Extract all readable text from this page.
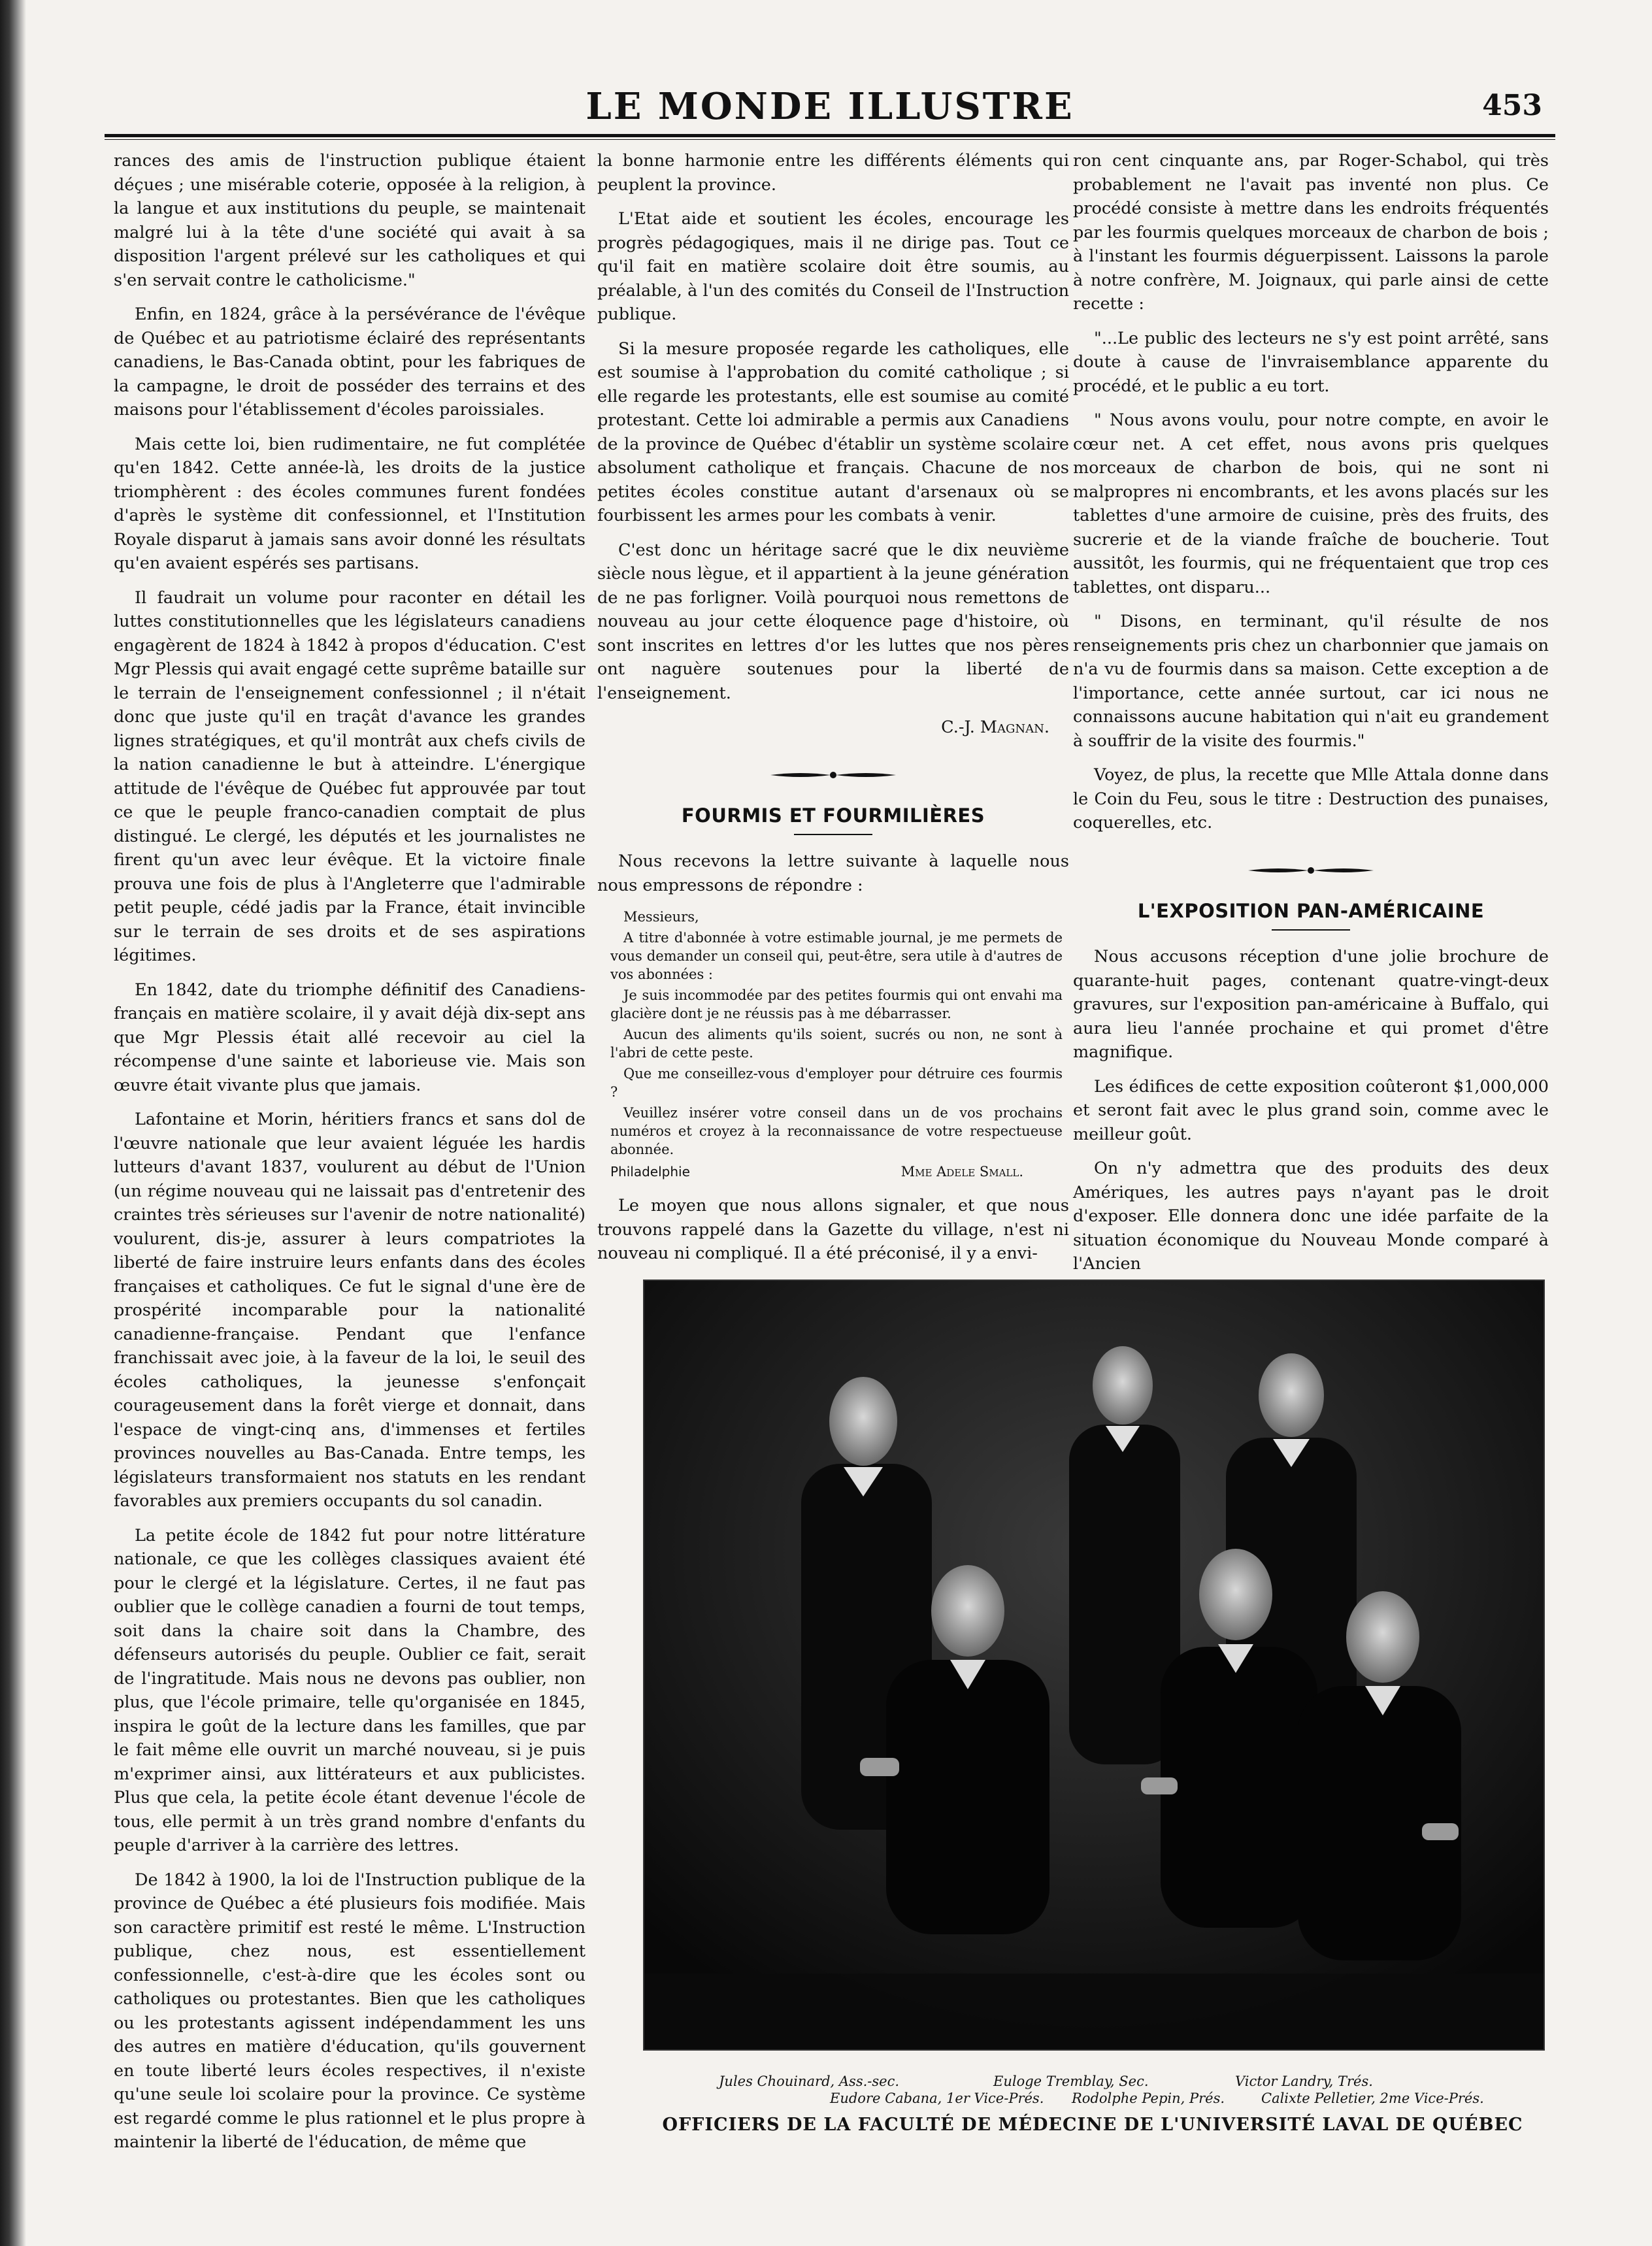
LE MONDE ILLUSTRE	453

rances des amis de l'instruction publique étaient déçues ; une misérable coterie, opposée à la religion, à la langue et aux institutions du peuple, se maintenait malgré lui à la tête d'une société qui avait à sa disposition l'argent prélevé sur les catholiques et qui s'en servait contre le catholicisme."

Enfin, en 1824, grâce à la persévérance de l'évêque de Québec et au patriotisme éclairé des représentants canadiens, le Bas-Canada obtint, pour les fabriques de la campagne, le droit de posséder des terrains et des maisons pour l'établissement d'écoles paroissiales.

Mais cette loi, bien rudimentaire, ne fut complétée qu'en 1842. Cette année-là, les droits de la justice triomphèrent : des écoles communes furent fondées d'après le système dit confessionnel, et l'Institution Royale disparut à jamais sans avoir donné les résultats qu'en avaient espérés ses partisans.

Il faudrait un volume pour raconter en détail les luttes constitutionnelles que les législateurs canadiens engagèrent de 1824 à 1842 à propos d'éducation. C'est Mgr Plessis qui avait engagé cette suprême bataille sur le terrain de l'enseignement confessionnel ; il n'était donc que juste qu'il en traçât d'avance les grandes lignes stratégiques, et qu'il montrât aux chefs civils de la nation canadienne le but à atteindre. L'énergique attitude de l'évêque de Québec fut approuvée par tout ce que le peuple franco-canadien comptait de plus distingué. Le clergé, les députés et les journalistes ne firent qu'un avec leur évêque. Et la victoire finale prouva une fois de plus à l'Angleterre que l'admirable petit peuple, cédé jadis par la France, était invincible sur le terrain de ses droits et de ses aspirations légitimes.

En 1842, date du triomphe définitif des Canadiens-français en matière scolaire, il y avait déjà dix-sept ans que Mgr Plessis était allé recevoir au ciel la récompense d'une sainte et laborieuse vie. Mais son œuvre était vivante plus que jamais.

Lafontaine et Morin, héritiers francs et sans dol de l'œuvre nationale que leur avaient léguée les hardis lutteurs d'avant 1837, voulurent au début de l'Union (un régime nouveau qui ne laissait pas d'entretenir des craintes très sérieuses sur l'avenir de notre nationalité) voulurent, dis-je, assurer à leurs compatriotes la liberté de faire instruire leurs enfants dans des écoles françaises et catholiques. Ce fut le signal d'une ère de prospérité incomparable pour la nationalité canadienne-française. Pendant que l'enfance franchissait avec joie, à la faveur de la loi, le seuil des écoles catholiques, la jeunesse s'enfonçait courageusement dans la forêt vierge et donnait, dans l'espace de vingt-cinq ans, d'immenses et fertiles provinces nouvelles au Bas-Canada. Entre temps, les législateurs transformaient nos statuts en les rendant favorables aux premiers occupants du sol canadin.

La petite école de 1842 fut pour notre littérature nationale, ce que les collèges classiques avaient été pour le clergé et la législature. Certes, il ne faut pas oublier que le collège canadien a fourni de tout temps, soit dans la chaire soit dans la Chambre, des défenseurs autorisés du peuple. Oublier ce fait, serait de l'ingratitude. Mais nous ne devons pas oublier, non plus, que l'école primaire, telle qu'organisée en 1845, inspira le goût de la lecture dans les familles, que par le fait même elle ouvrit un marché nouveau, si je puis m'exprimer ainsi, aux littérateurs et aux publicistes. Plus que cela, la petite école étant devenue l'école de tous, elle permit à un très grand nombre d'enfants du peuple d'arriver à la carrière des lettres.

De 1842 à 1900, la loi de l'Instruction publique de la province de Québec a été plusieurs fois modifiée. Mais son caractère primitif est resté le même. L'Instruction publique, chez nous, est essentiellement confessionnelle, c'est-à-dire que les écoles sont ou catholiques ou protestantes. Bien que les catholiques ou les protestants agissent indépendamment les uns des autres en matière d'éducation, qu'ils gouvernent en toute liberté leurs écoles respectives, il n'existe qu'une seule loi scolaire pour la province. Ce système est regardé comme le plus rationnel et le plus propre à maintenir la liberté de l'éducation, de même que

la bonne harmonie entre les différents éléments qui peuplent la province.

L'Etat aide et soutient les écoles, encourage les progrès pédagogiques, mais il ne dirige pas. Tout ce qu'il fait en matière scolaire doit être soumis, au préalable, à l'un des comités du Conseil de l'Instruction publique.

Si la mesure proposée regarde les catholiques, elle est soumise à l'approbation du comité catholique ; si elle regarde les protestants, elle est soumise au comité protestant. Cette loi admirable a permis aux Canadiens de la province de Québec d'établir un système scolaire absolument catholique et français. Chacune de nos petites écoles constitue autant d'arsenaux où se fourbissent les armes pour les combats à venir.

C'est donc un héritage sacré que le dix neuvième siècle nous lègue, et il appartient à la jeune génération de ne pas forligner. Voilà pourquoi nous remettons de nouveau au jour cette éloquence page d'histoire, où sont inscrites en lettres d'or les luttes que nos pères ont naguère soutenues pour la liberté de l'enseignement.

C.-J. Magnan.
FOURMIS ET FOURMILIÈRES

Nous recevons la lettre suivante à laquelle nous nous empressons de répondre :

Messieurs,

A titre d'abonnée à votre estimable journal, je me permets de vous demander un conseil qui, peut-être, sera utile à d'autres de vos abonnées :

Je suis incommodée par des petites fourmis qui ont envahi ma glacière dont je ne réussis pas à me débarrasser.

Aucun des aliments qu'ils soient, sucrés ou non, ne sont à l'abri de cette peste.

Que me conseillez-vous d'employer pour détruire ces fourmis ?

Veuillez insérer votre conseil dans un de vos prochains numéros et croyez à la reconnaissance de votre respectueuse abonnée.

Philadelphie	Mme Adele Small.

Le moyen que nous allons signaler, et que nous trouvons rappelé dans la Gazette du village, n'est ni nouveau ni compliqué. Il a été préconisé, il y a envi-

ron cent cinquante ans, par Roger-Schabol, qui très probablement ne l'avait pas inventé non plus. Ce procédé consiste à mettre dans les endroits fréquentés par les fourmis quelques morceaux de charbon de bois ; à l'instant les fourmis déguerpissent. Laissons la parole à notre confrère, M. Joignaux, qui parle ainsi de cette recette :

"...Le public des lecteurs ne s'y est point arrêté, sans doute à cause de l'invraisemblance apparente du procédé, et le public a eu tort.

" Nous avons voulu, pour notre compte, en avoir le cœur net. A cet effet, nous avons pris quelques morceaux de charbon de bois, qui ne sont ni malpropres ni encombrants, et les avons placés sur les tablettes d'une armoire de cuisine, près des fruits, des sucrerie et de la viande fraîche de boucherie. Tout aussitôt, les fourmis, qui ne fréquentaient que trop ces tablettes, ont disparu...

" Disons, en terminant, qu'il résulte de nos renseignements pris chez un charbonnier que jamais on n'a vu de fourmis dans sa maison. Cette exception a de l'importance, cette année surtout, car ici nous ne connaissons aucune habitation qui n'ait eu grandement à souffrir de la visite des fourmis."

Voyez, de plus, la recette que Mlle Attala donne dans le Coin du Feu, sous le titre : Destruction des punaises, coquerelles, etc.

L'EXPOSITION PAN-AMÉRICAINE

Nous accusons réception d'une jolie brochure de quarante-huit pages, contenant quatre-vingt-deux gravures, sur l'exposition pan-américaine à Buffalo, qui aura lieu l'année prochaine et qui promet d'être magnifique.

Les édifices de cette exposition coûteront $1,000,000 et seront fait avec le plus grand soin, comme avec le meilleur goût.

On n'y admettra que des produits des deux Amériques, les autres pays n'ayant pas le droit d'exposer. Elle donnera donc une idée parfaite de la situation économique du Nouveau Monde comparé à l'Ancien

Jules Chouinard, Ass.-sec.	Euloge Tremblay, Sec.	Victor Landry, Trés.
Eudore Cabana, 1er Vice-Prés. Rodolphe Pepin, Prés.	Calixte Pelletier, 2me Vice-Prés.
OFFICIERS DE LA FACULTÉ DE MÉDECINE DE L'UNIVERSITÉ LAVAL DE QUÉBEC
